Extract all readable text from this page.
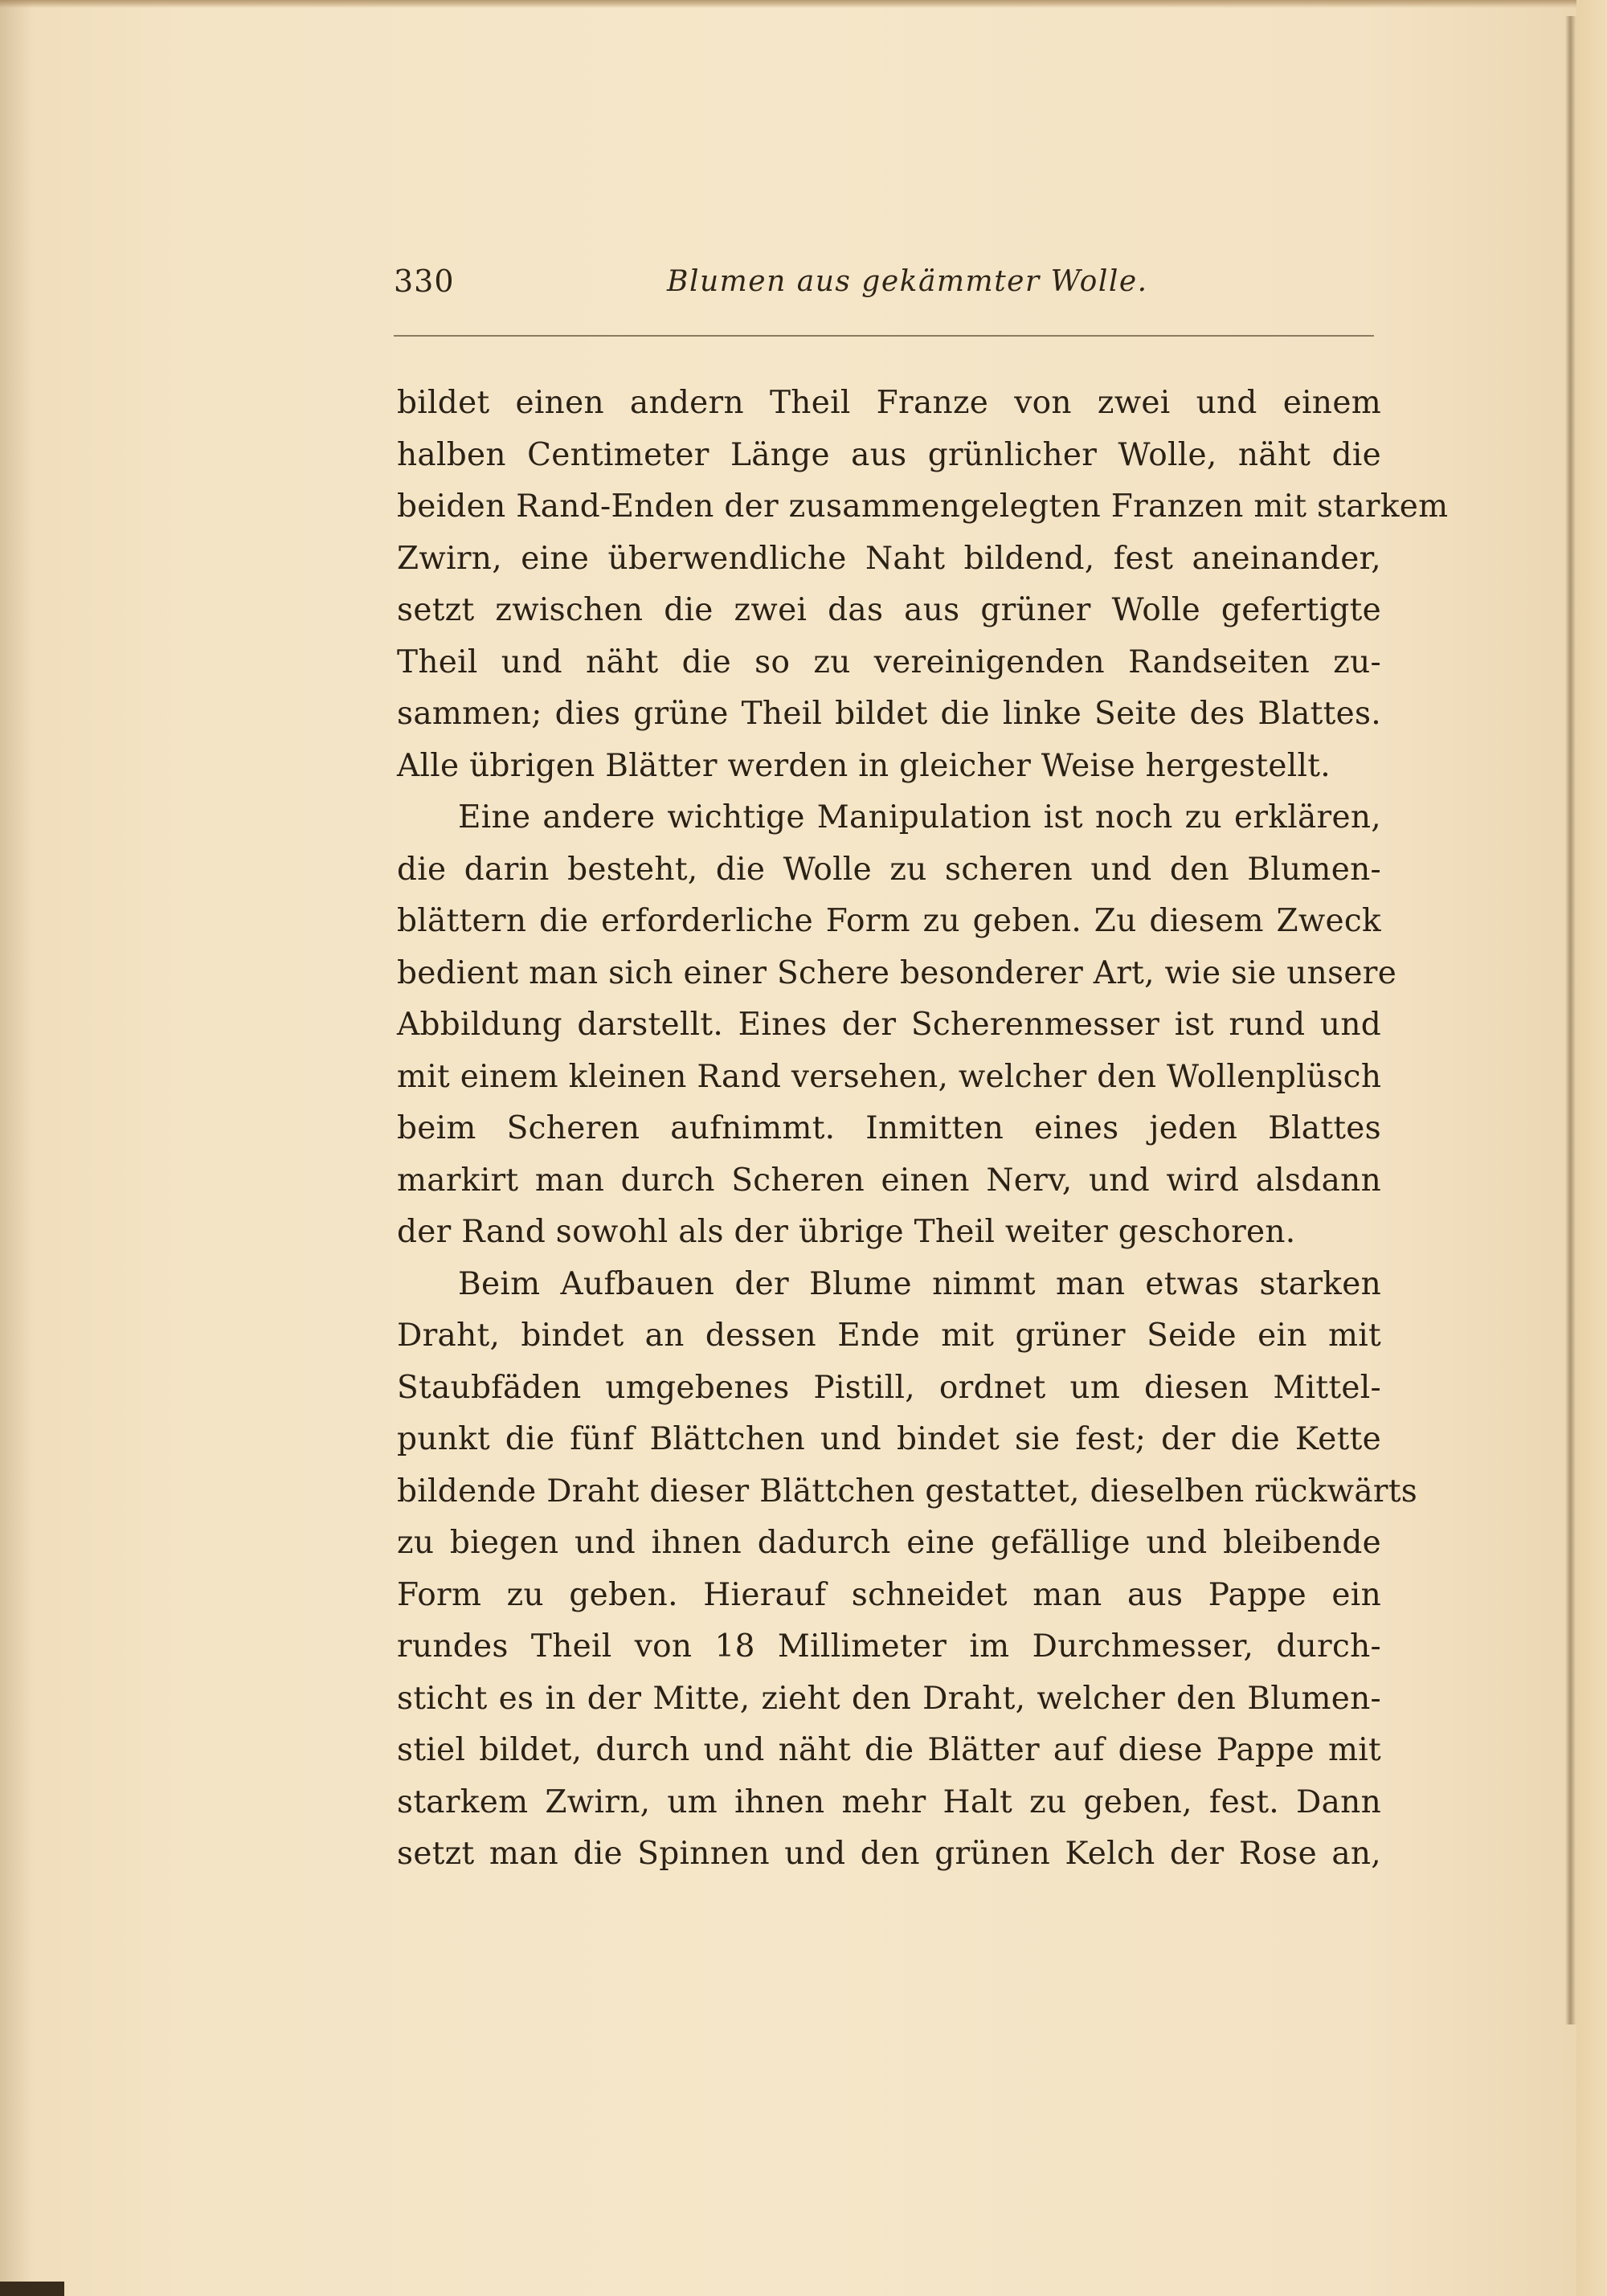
330	Blumen aus gekämmter Wolle.
bildet einen andern Theil Franze von zwei und einem
halben Centimeter Länge aus grünlicher Wolle, näht die
beiden Rand-Enden der zusammengelegten Franzen mit starkem
Zwirn, eine überwendliche Naht bildend, fest aneinander,
setzt zwischen die zwei das aus grüner Wolle gefertigte
Theil und näht die so zu vereinigenden Randseiten zu-
sammen; dies grüne Theil bildet die linke Seite des Blattes.
Alle übrigen Blätter werden in gleicher Weise hergestellt.
Eine andere wichtige Manipulation ist noch zu erklären,
die darin besteht, die Wolle zu scheren und den Blumen-
blättern die erforderliche Form zu geben. Zu diesem Zweck
bedient man sich einer Schere besonderer Art, wie sie unsere
Abbildung darstellt. Eines der Scherenmesser ist rund und
mit einem kleinen Rand versehen, welcher den Wollenplüsch
beim Scheren aufnimmt. Inmitten eines jeden Blattes
markirt man durch Scheren einen Nerv, und wird alsdann
der Rand sowohl als der übrige Theil weiter geschoren.
Beim Aufbauen der Blume nimmt man etwas starken
Draht, bindet an dessen Ende mit grüner Seide ein mit
Staubfäden umgebenes Pistill, ordnet um diesen Mittel-
punkt die fünf Blättchen und bindet sie fest; der die Kette
bildende Draht dieser Blättchen gestattet, dieselben rückwärts
zu biegen und ihnen dadurch eine gefällige und bleibende
Form zu geben. Hierauf schneidet man aus Pappe ein
rundes Theil von 18 Millimeter im Durchmesser, durch-
sticht es in der Mitte, zieht den Draht, welcher den Blumen-
stiel bildet, durch und näht die Blätter auf diese Pappe mit
starkem Zwirn, um ihnen mehr Halt zu geben, fest. Dann
setzt man die Spinnen und den grünen Kelch der Rose an,
